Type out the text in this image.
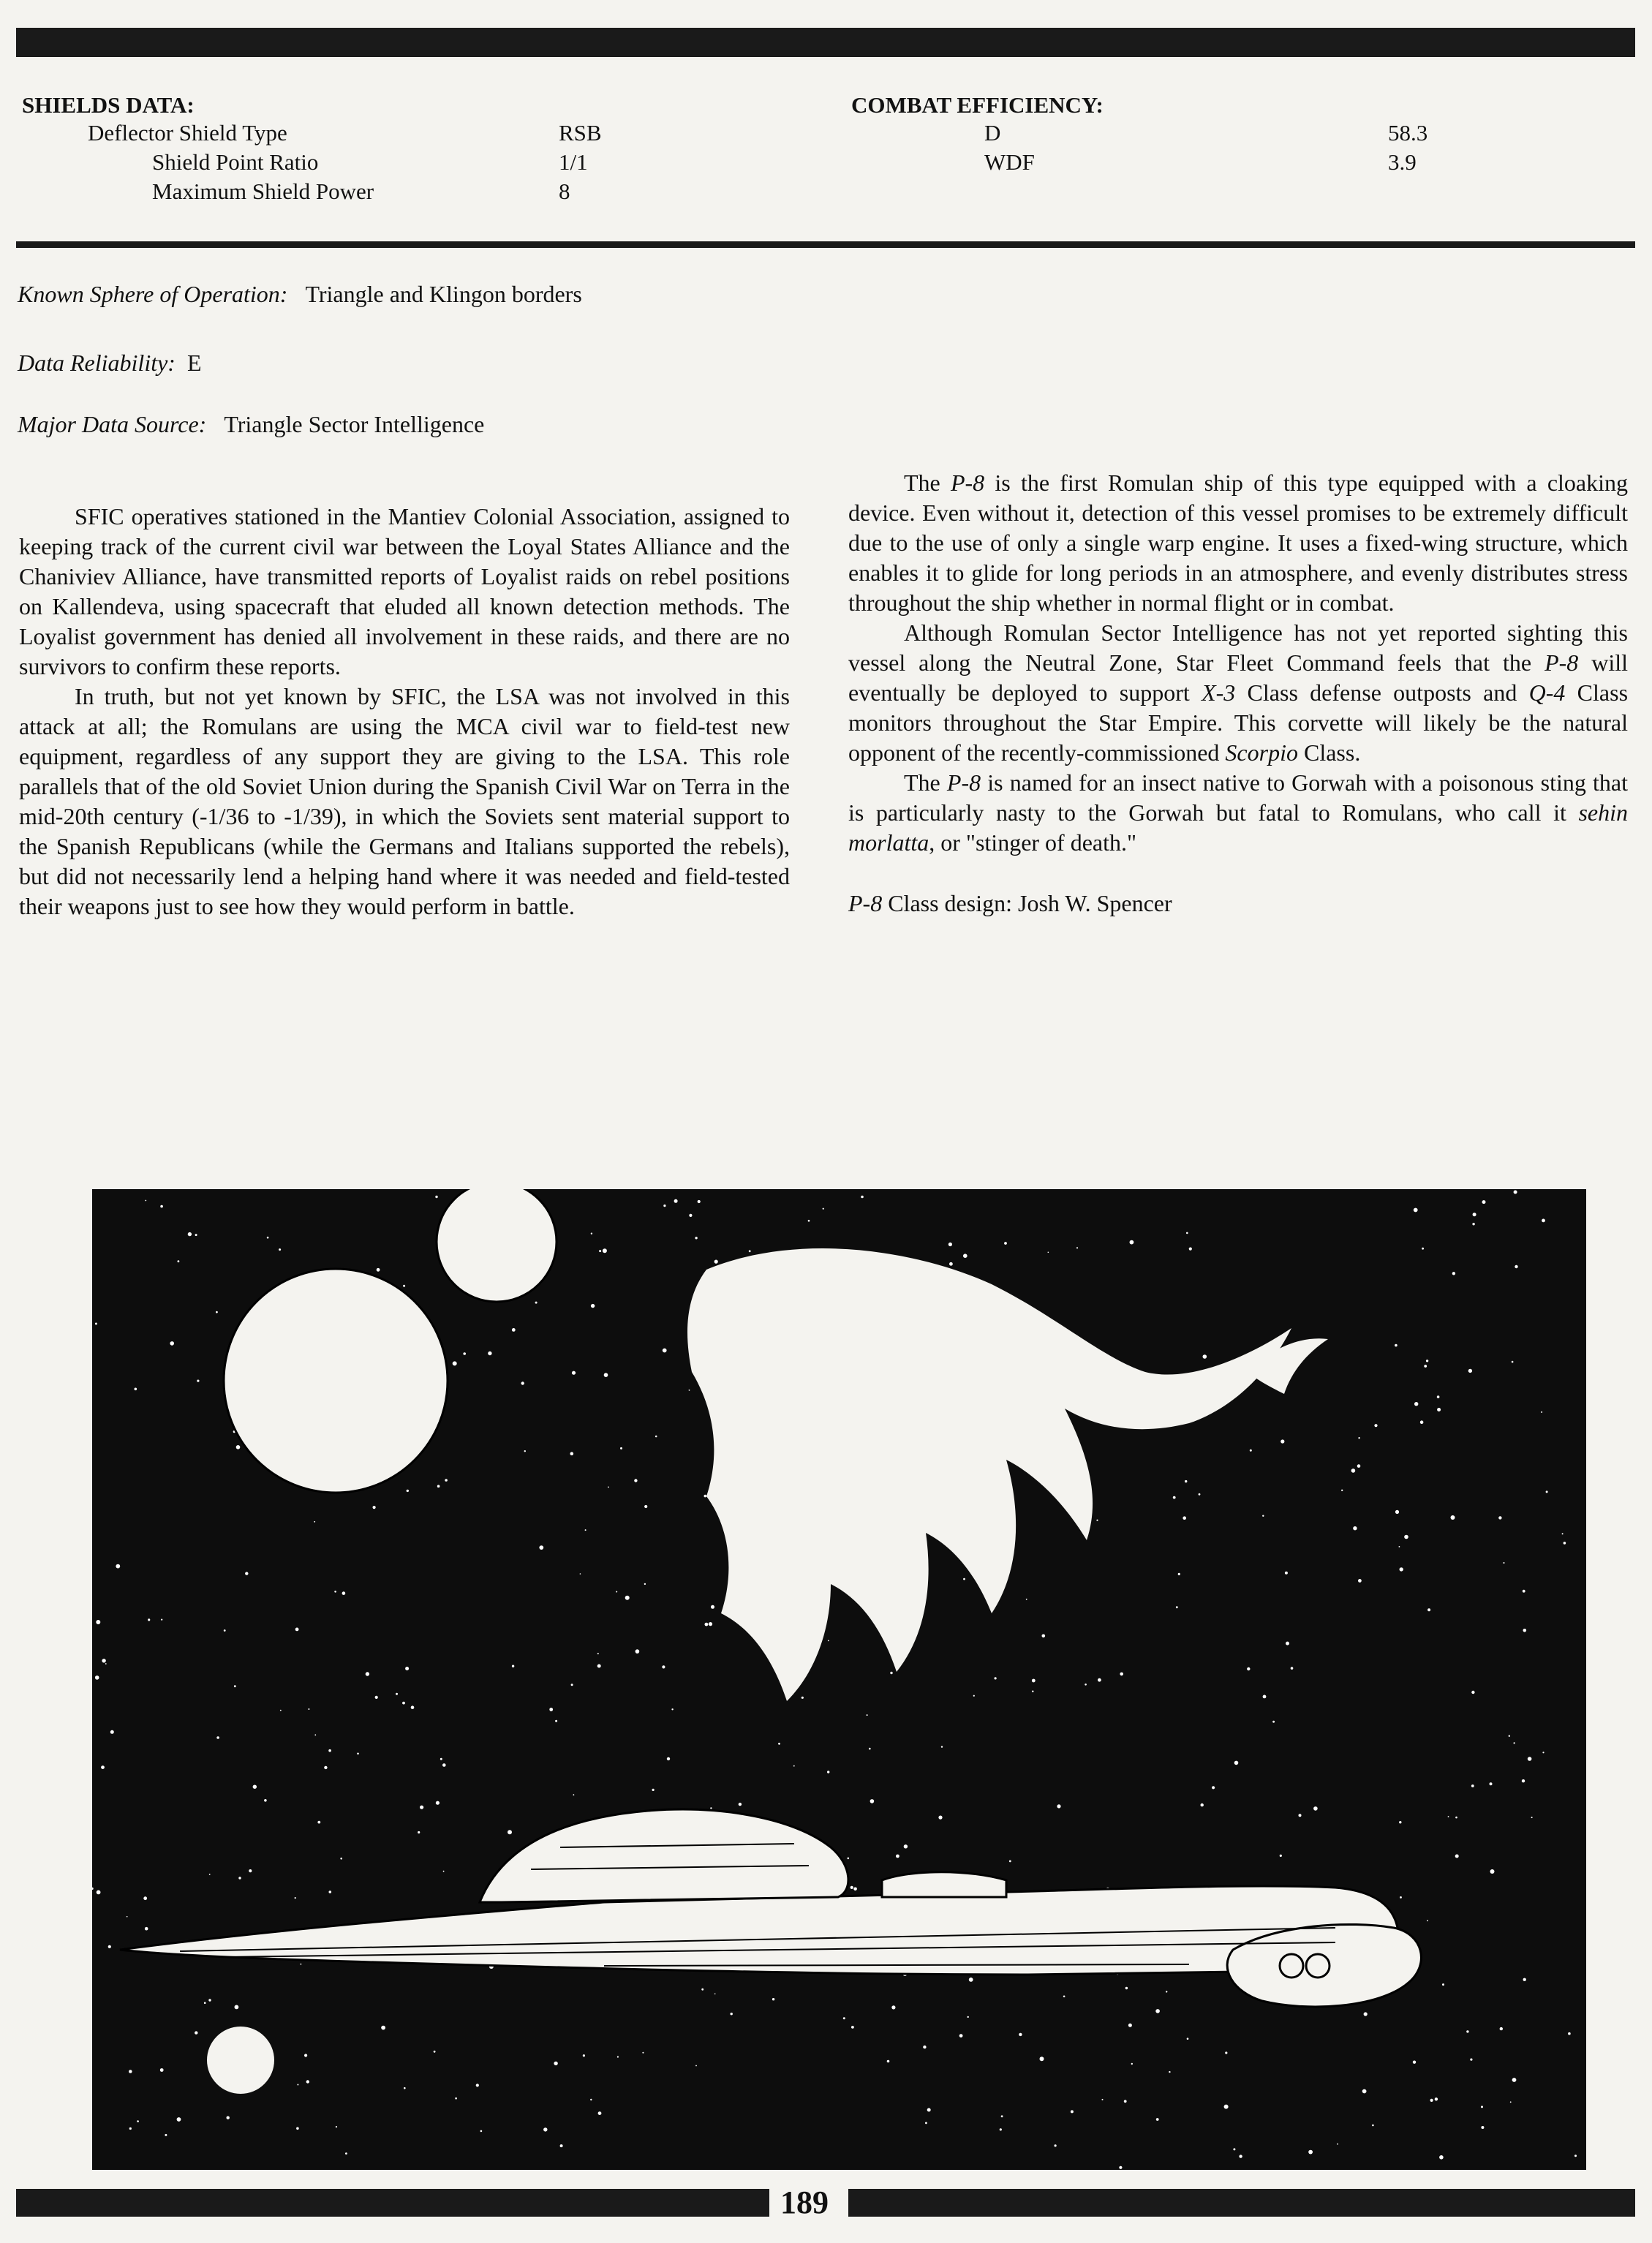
SHIELDS DATA:
Deflector Shield Type	RSB
Shield Point Ratio	1/1
Maximum Shield Power	8
COMBAT EFFICIENCY:
D	58.3
WDF	3.9
Known Sphere of Operation: Triangle and Klingon borders
Data Reliability: E
Major Data Source: Triangle Sector Intelligence

SFIC operatives stationed in the Mantiev Colonial Association, assigned to keeping track of the current civil war between the Loyal States Alliance and the Chaniviev Alliance, have transmitted reports of Loyalist raids on rebel positions on Kallendeva, using spacecraft that eluded all known detection methods. The Loyalist government has denied all involvement in these raids, and there are no survivors to confirm these reports.

In truth, but not yet known by SFIC, the LSA was not involved in this attack at all; the Romulans are using the MCA civil war to field-test new equipment, regardless of any support they are giving to the LSA. This role parallels that of the old Soviet Union during the Spanish Civil War on Terra in the mid-20th century (-1/36 to -1/39), in which the Soviets sent material support to the Spanish Republicans (while the Germans and Italians supported the rebels), but did not necessarily lend a helping hand where it was needed and field-tested their weapons just to see how they would perform in battle.

The P-8 is the first Romulan ship of this type equipped with a cloaking device. Even without it, detection of this vessel promises to be extremely difficult due to the use of only a single warp engine. It uses a fixed-wing structure, which enables it to glide for long periods in an atmosphere, and evenly distributes stress throughout the ship whether in normal flight or in combat.

Although Romulan Sector Intelligence has not yet reported sighting this vessel along the Neutral Zone, Star Fleet Command feels that the P-8 will eventually be deployed to support X-3 Class defense outposts and Q-4 Class monitors throughout the Star Empire. This corvette will likely be the natural opponent of the recently-commissioned Scorpio Class.

The P-8 is named for an insect native to Gorwah with a poisonous sting that is particularly nasty to the Gorwah but fatal to Romulans, who call it sehin morlatta, or "stinger of death."

P-8 Class design: Josh W. Spencer

189
